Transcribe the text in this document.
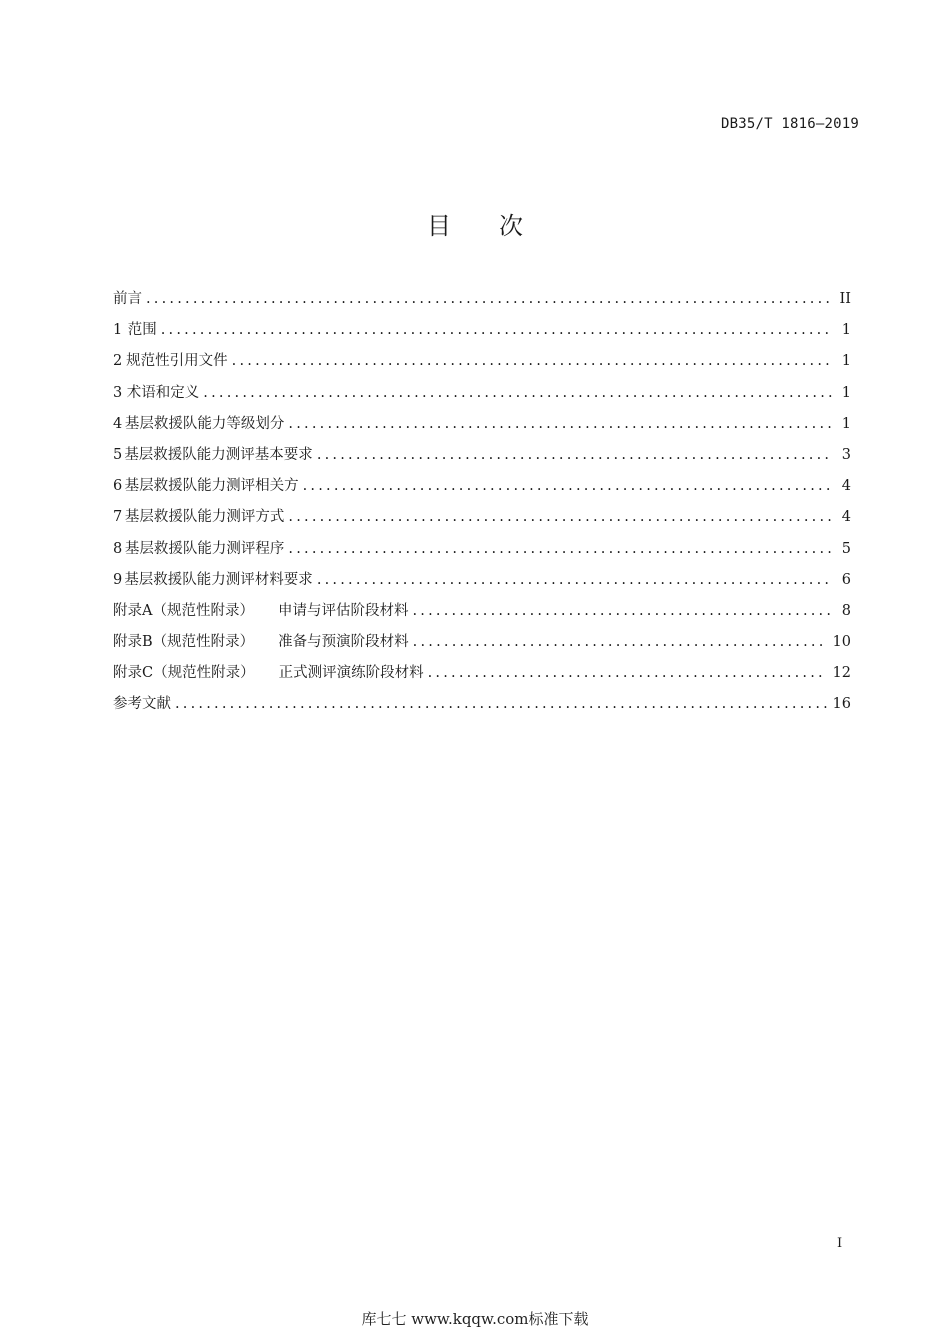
DB35/T 1816—2019
目 次
前言 .....	II
1 范围 .....	1
2 规范性引用文件 .....	1
3 术语和定义 .....	1
4 基层救援队能力等级划分 .....	1
5 基层救援队能力测评基本要求 .....	3
6 基层救援队能力测评相关方 .....	4
7 基层救援队能力测评方式 .....	4
8 基层救援队能力测评程序 .....	5
9 基层救援队能力测评材料要求 .....	6
附录A（规范性附录） 申请与评估阶段材料 .....	8
附录B（规范性附录） 准备与预演阶段材料 .....	10
附录C（规范性附录） 正式测评演练阶段材料 .....	12
参考文献 .....	16
I
库七七 www.kqqw.com标准下载
